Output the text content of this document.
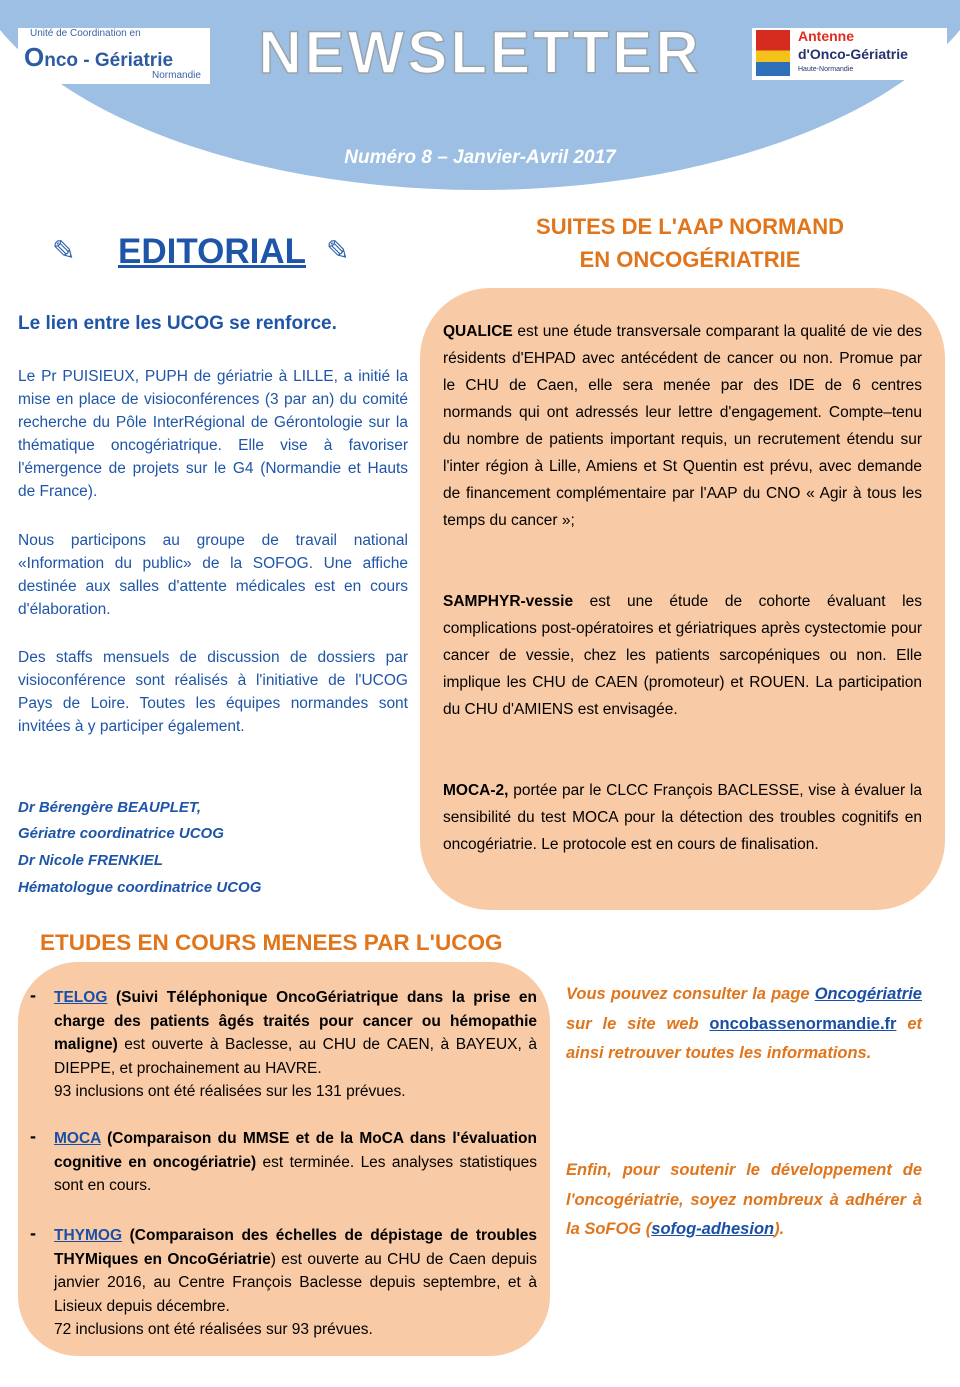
NEWSLETTER
Numéro 8 – Janvier-Avril 2017
Unité de Coordination en
Onco - Gériatrie
Normandie
Antenne
d'Onco-Gériatrie
Haute-Normandie
✎ EDITORIAL ✎
Le lien entre les UCOG se renforce.

Le Pr PUISIEUX, PUPH de gériatrie à LILLE, a initié la mise en place de visioconférences (3 par an) du comité recherche du Pôle InterRégional de Gérontologie sur la thématique oncogériatrique. Elle vise à favoriser l'émergence de projets sur le G4 (Normandie et Hauts de France).

Nous participons au groupe de travail national «Information du public» de la SOFOG. Une affiche destinée aux salles d'attente médicales est en cours d'élaboration.

Des staffs mensuels de discussion de dossiers par visioconférence sont réalisés à l'initiative de l'UCOG Pays de Loire. Toutes les équipes normandes sont invitées à y participer également.

Dr Bérengère BEAUPLET,
Gériatre coordinatrice UCOG
Dr Nicole FRENKIEL
Hématologue coordinatrice UCOG
SUITES DE L'AAP NORMAND
EN ONCOGÉRIATRIE

QUALICE est une étude transversale comparant la qualité de vie des résidents d'EHPAD avec antécédent de cancer ou non. Promue par le CHU de Caen, elle sera menée par des IDE de 6 centres normands qui ont adressés leur lettre d'engagement. Compte–tenu du nombre de patients important requis, un recrutement étendu sur l'inter région à Lille, Amiens et St Quentin est prévu, avec demande de financement complémentaire par l'AAP du CNO « Agir à tous les temps du cancer »;

SAMPHYR-vessie est une étude de cohorte évaluant les complications post-opératoires et gériatriques après cystectomie pour cancer de vessie, chez les patients sarcopéniques ou non. Elle implique les CHU de CAEN (promoteur) et ROUEN. La participation du CHU d'AMIENS est envisagée.

MOCA-2, portée par le CLCC François BACLESSE, vise à évaluer la sensibilité du test MOCA pour la détection des troubles cognitifs en oncogériatrie. Le protocole est en cours de finalisation.

ETUDES EN COURS MENEES PAR L'UCOG
- TELOG (Suivi Téléphonique OncoGériatrique dans la prise en charge des patients âgés traités pour cancer ou hémopathie maligne) est ouverte à Baclesse, au CHU de CAEN, à BAYEUX, à DIEPPE, et prochainement au HAVRE.
93 inclusions ont été réalisées sur les 131 prévues.

- MOCA (Comparaison du MMSE et de la MoCA dans l'évaluation cognitive en oncogériatrie) est terminée. Les analyses statistiques sont en cours.

- THYMOG (Comparaison des échelles de dépistage de troubles THYMiques en OncoGériatrie) est ouverte au CHU de Caen depuis janvier 2016, au Centre François Baclesse depuis septembre, et à Lisieux depuis décembre.
72 inclusions ont été réalisées sur 93 prévues.

Vous pouvez consulter la page Oncogériatrie sur le site web oncobassenormandie.fr et ainsi retrouver toutes les informations.

Enfin, pour soutenir le développement de l'oncogériatrie, soyez nombreux à adhérer à la SoFOG (sofog-adhesion).
